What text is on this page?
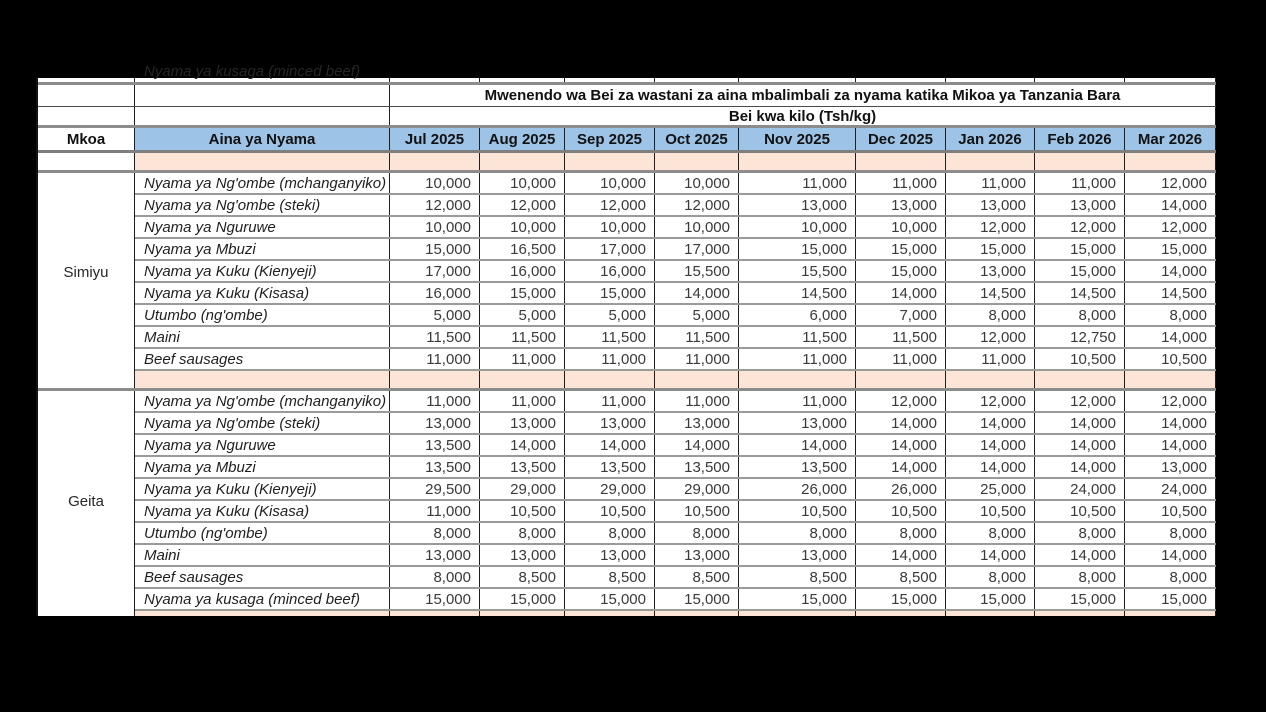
Nyama ya kusaga (minced beef)
Mwenendo wa Bei za wastani za aina mbalimbali za nyama katika Mikoa ya Tanzania Bara
Bei kwa kilo (Tsh/kg)
Mkoa	Aina ya Nyama	Jul 2025	Aug 2025	Sep 2025	Oct 2025	Nov 2025	Dec 2025	Jan 2026	Feb 2026	Mar 2026
Simiyu
Nyama ya Ng'ombe (mchanganyiko)	10,000	10,000	10,000	10,000	11,000	11,000	11,000	11,000	12,000
Nyama ya Ng'ombe (steki)	12,000	12,000	12,000	12,000	13,000	13,000	13,000	13,000	14,000
Nyama ya Nguruwe	10,000	10,000	10,000	10,000	10,000	10,000	12,000	12,000	12,000
Nyama ya Mbuzi	15,000	16,500	17,000	17,000	15,000	15,000	15,000	15,000	15,000
Nyama ya Kuku (Kienyeji)	17,000	16,000	16,000	15,500	15,500	15,000	13,000	15,000	14,000
Nyama ya Kuku (Kisasa)	16,000	15,000	15,000	14,000	14,500	14,000	14,500	14,500	14,500
Utumbo (ng'ombe)	5,000	5,000	5,000	5,000	6,000	7,000	8,000	8,000	8,000
Maini	11,500	11,500	11,500	11,500	11,500	11,500	12,000	12,750	14,000
Beef sausages	11,000	11,000	11,000	11,000	11,000	11,000	11,000	10,500	10,500
Geita
Nyama ya Ng'ombe (mchanganyiko)	11,000	11,000	11,000	11,000	11,000	12,000	12,000	12,000	12,000
Nyama ya Ng'ombe (steki)	13,000	13,000	13,000	13,000	13,000	14,000	14,000	14,000	14,000
Nyama ya Nguruwe	13,500	14,000	14,000	14,000	14,000	14,000	14,000	14,000	14,000
Nyama ya Mbuzi	13,500	13,500	13,500	13,500	13,500	14,000	14,000	14,000	13,000
Nyama ya Kuku (Kienyeji)	29,500	29,000	29,000	29,000	26,000	26,000	25,000	24,000	24,000
Nyama ya Kuku (Kisasa)	11,000	10,500	10,500	10,500	10,500	10,500	10,500	10,500	10,500
Utumbo (ng'ombe)	8,000	8,000	8,000	8,000	8,000	8,000	8,000	8,000	8,000
Maini	13,000	13,000	13,000	13,000	13,000	14,000	14,000	14,000	14,000
Beef sausages	8,000	8,500	8,500	8,500	8,500	8,500	8,000	8,000	8,000
Nyama ya kusaga (minced beef)	15,000	15,000	15,000	15,000	15,000	15,000	15,000	15,000	15,000
